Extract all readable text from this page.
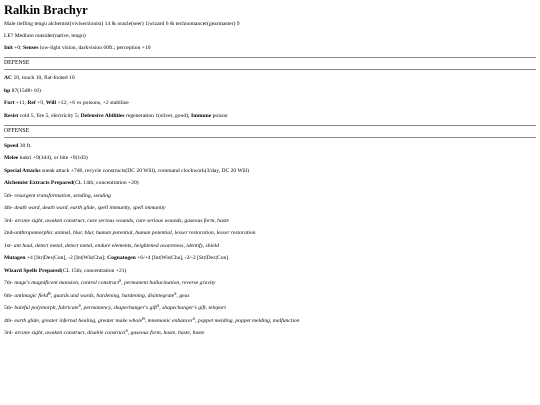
Ralkin Brachyr

Male tiefling tengu alchemist(vivisectionist) 14 & oracle(seer) 1|wizard 6 & technomancer(gearmaster) 9

LE? Medium outsider(native, tengu)

Init +0; Senses low-light vision, darkvision 60ft.; perception +10

DEFENSE

AC 10, touch 10, flat-footed 10

hp 87(15d8+16)

Fort +11, Ref +9, Will +12; +6 vs poisons, +2 stabilize

Resist cold 5, fire 5, electricity 5; Defensive Abilities regeneration 1(silver, good); Immune poison

OFFENSE

Speed 30 ft.

Melee kukri +9(1d4), or bite +9(1d3)

Special Attacks sneak attack +7d6, recycle constructs(DC 20 Will), command clockwork(3/day, DC 20 Will)

Alchemist Extracts Prepared(CL 14th; concentration +20)

5th- resurgent transformation, sending, sending

4th- death ward, death ward, earth glide, spell immunity, spell immunity

3rd- arcane sight, awaken construct, cure serious wounds, cure serious wounds, gaseous form, haste

2nd-anthropomorphic animal, blur, blur, human potential, human potential, lesser restoration, lesser restoration

1st- ant haul, detect metal, detect metal, endure elements, heightened awareness, identify, shield

Mutagen +4 [Str|Dex|Con], -2 [Int|Wis|Cha]; Cognatogen +6/+4 [Int|Wis|Cha], -2/-2 [Str|Dex|Con]

Wizard Spells Prepared(CL 15th; concentration +21)

7th- mage's magnificent mansion, control construct$^S$, permanent hallucination, reverse gravity

6th- antimagic field$^B$, guards and wards, hardening, hardening, disintegrate$^S$, geas

5th- baleful polymorph, fabricate$^S$, permanency, shapechanger's gift$^S$, shapechanger's gift, teleport

4th- earth glide, greater infernal healing, greater make whole$^B$, mnemonic enhancer$^S$, poppet melding, poppet melding, malfunction

3rd- arcane sight, awaken construct, disable construct$^S$, gaseous form, haste, haste, haste
